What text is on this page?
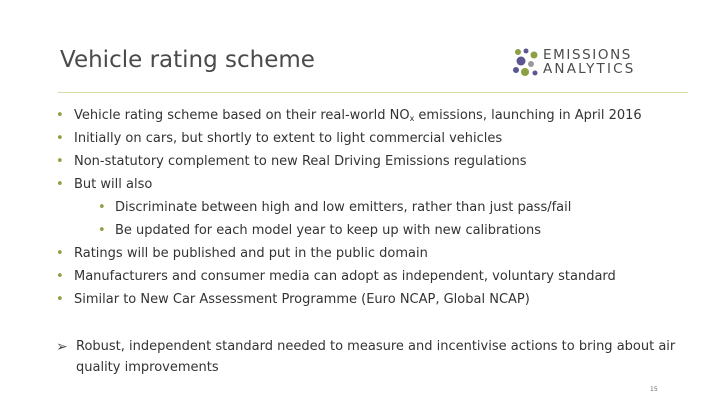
Vehicle rating scheme	EMISSIONS
ANALYTICS
• Vehicle rating scheme based on their real-world $NO_x$ emissions, launching in April 2016
• Initially on cars, but shortly to extent to light commercial vehicles
• Non-statutory complement to new Real Driving Emissions regulations
• But will also
• Discriminate between high and low emitters, rather than just pass/fail
• Be updated for each model year to keep up with new calibrations
• Ratings will be published and put in the public domain
• Manufacturers and consumer media can adopt as independent, voluntary standard
• Similar to New Car Assessment Programme (Euro NCAP, Global NCAP)
➢ Robust, independent standard needed to measure and incentivise actions to bring about air
quality improvements
15
